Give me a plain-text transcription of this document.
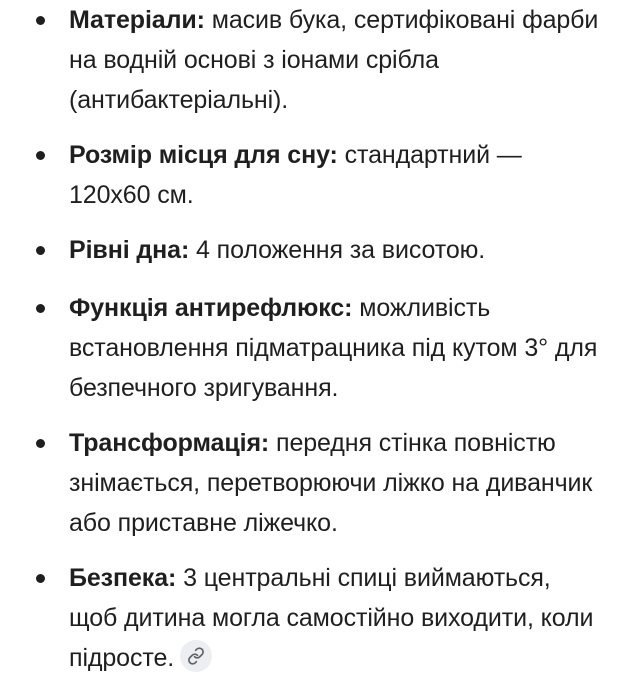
Матеріали: масив бука, сертифіковані фарби на водній основі з іонами срібла (антибактеріальні).
Розмір місця для сну: стандартний — 120х60 см.
Рівні дна: 4 положення за висотою.
Функція антирефлюкс: можливість встановлення підматрацника під кутом 3° для безпечного зригування.
Трансформація: передня стінка повністю знімається, перетворюючи ліжко на диванчик або приставне ліжечко.
Безпека: 3 центральні спиці виймаються, щоб дитина могла самостійно виходити, коли підросте.
